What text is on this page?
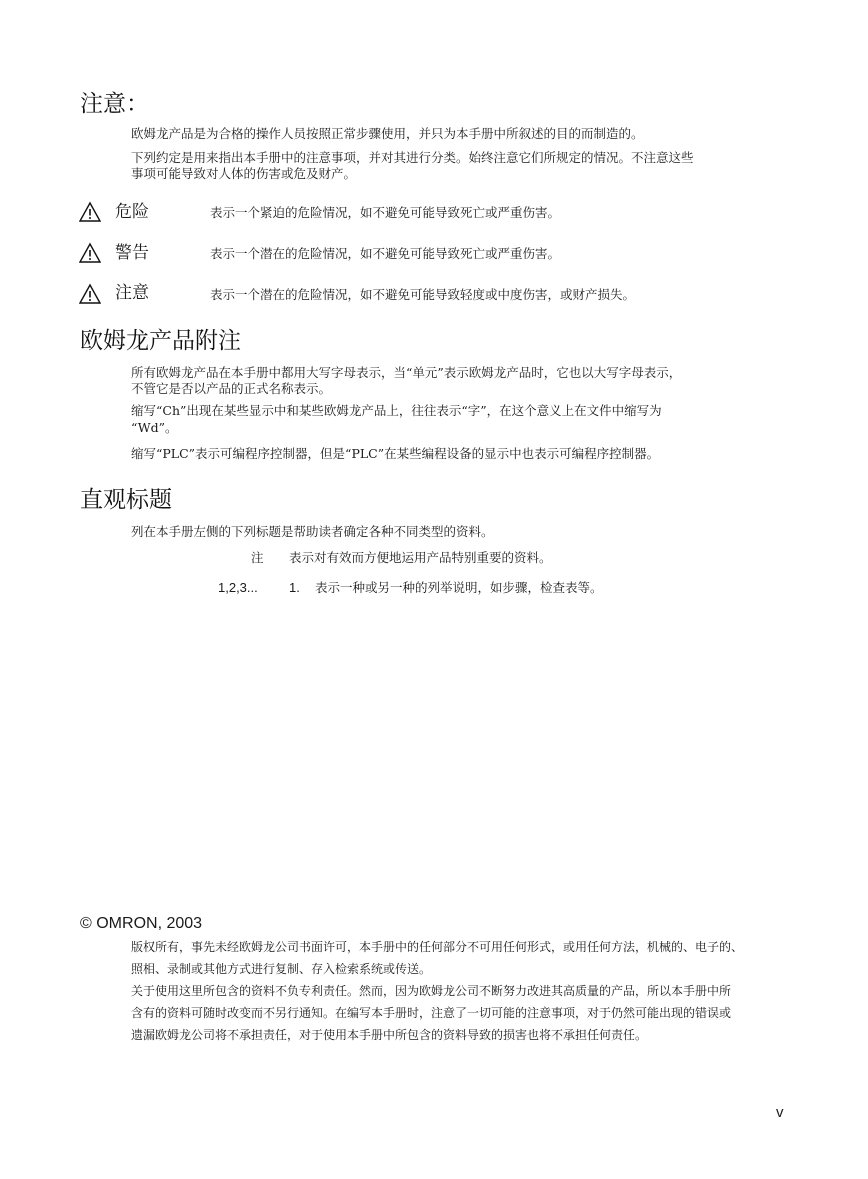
注意：
欧姆龙产品是为合格的操作人员按照正常步骤使用，并只为本手册中所叙述的目的而制造的。
下列约定是用来指出本手册中的注意事项，并对其进行分类。始终注意它们所规定的情况。不注意这些
事项可能导致对人体的伤害或危及财产。
危险	表示一个紧迫的危险情况，如不避免可能导致死亡或严重伤害。
警告	表示一个潜在的危险情况，如不避免可能导致死亡或严重伤害。
注意	表示一个潜在的危险情况，如不避免可能导致轻度或中度伤害，或财产损失。
欧姆龙产品附注
所有欧姆龙产品在本手册中都用大写字母表示，当“单元”表示欧姆龙产品时，它也以大写字母表示，
不管它是否以产品的正式名称表示。
缩写“Ch”出现在某些显示中和某些欧姆龙产品上，往往表示“字”，在这个意义上在文件中缩写为
“Wd”。
缩写“PLC”表示可编程序控制器，但是“PLC”在某些编程设备的显示中也表示可编程序控制器。
直观标题
列在本手册左侧的下列标题是帮助读者确定各种不同类型的资料。
注 表示对有效而方便地运用产品特别重要的资料。
1,2,3... 1. 表示一种或另一种的列举说明，如步骤，检查表等。
© OMRON, 2003
版权所有，事先未经欧姆龙公司书面许可，本手册中的任何部分不可用任何形式，或用任何方法，机械的、电子的、
照相、录制或其他方式进行复制、存入检索系统或传送。
关于使用这里所包含的资料不负专利责任。然而，因为欧姆龙公司不断努力改进其高质量的产品，所以本手册中所
含有的资料可随时改变而不另行通知。在编写本手册时，注意了一切可能的注意事项，对于仍然可能出现的错误或
遗漏欧姆龙公司将不承担责任，对于使用本手册中所包含的资料导致的损害也将不承担任何责任。
v
